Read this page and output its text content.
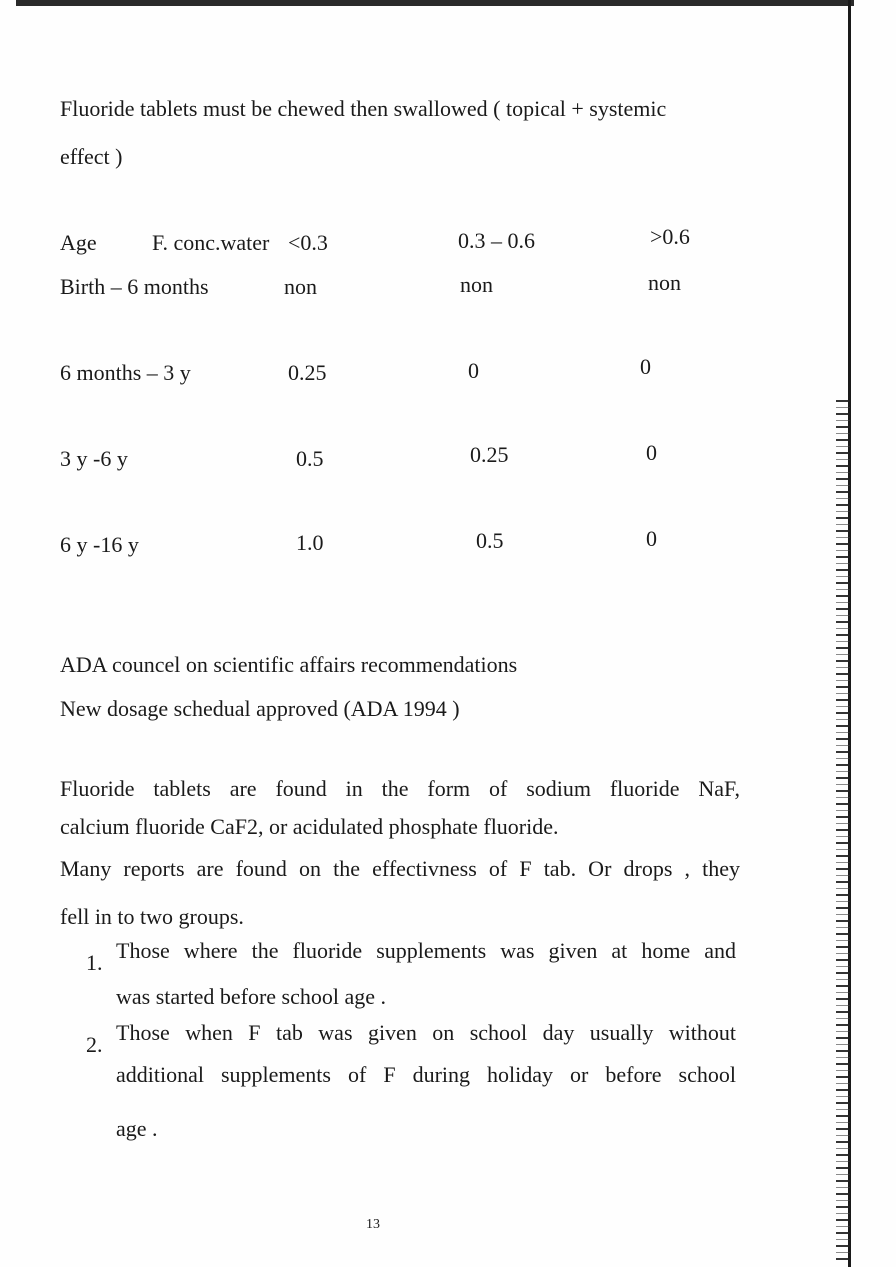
Fluoride tablets must be chewed then swallowed ( topical + systemic
effect )
Age	F. conc.water <0.3	0.3 – 0.6	>0.6
Birth – 6 months	non	non	non
6 months – 3 y	0.25	0	0
3 y -6 y	0.5	0.25	0
6 y -16 y	1.0	0.5	0
ADA councel on scientific affairs recommendations
New dosage schedual approved (ADA 1994 )
Fluoride tablets are found in the form of sodium fluoride NaF,
calcium fluoride CaF2, or acidulated phosphate fluoride.
Many reports are found on the effectivness of F tab. Or drops , they
fell in to two groups.
1. Those where the fluoride supplements was given at home and
was started before school age .
2. Those when F tab was given on school day usually without
additional supplements of F during holiday or before school
age .
13
